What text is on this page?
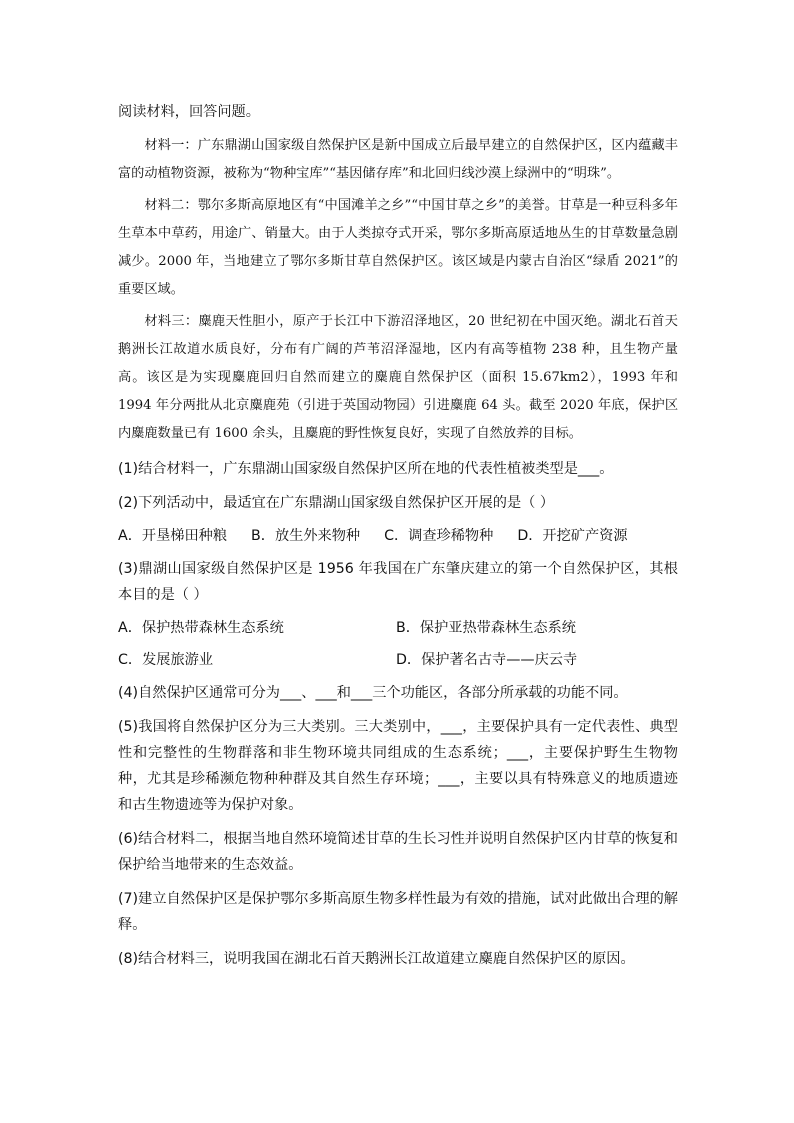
阅读材料，回答问题。

材料一：广东鼎湖山国家级自然保护区是新中国成立后最早建立的自然保护区，区内蕴藏丰富的动植物资源，被称为“物种宝库”“基因储存库”和北回归线沙漠上绿洲中的“明珠”。

材料二：鄂尔多斯高原地区有“中国滩羊之乡”“中国甘草之乡”的美誉。甘草是一种豆科多年生草本中草药，用途广、销量大。由于人类掠夺式开采，鄂尔多斯高原适地丛生的甘草数量急剧减少。2000 年，当地建立了鄂尔多斯甘草自然保护区。该区域是内蒙古自治区“绿盾 2021”的重要区域。

材料三：麋鹿天性胆小，原产于长江中下游沼泽地区，20 世纪初在中国灭绝。湖北石首天鹅洲长江故道水质良好，分布有广阔的芦苇沼泽湿地，区内有高等植物 238 种，且生物产量高。该区是为实现麋鹿回归自然而建立的麋鹿自然保护区（面积 15.67km2），1993 年和 1994 年分两批从北京麋鹿苑（引进于英国动物园）引进麋鹿 64 头。截至 2020 年底，保护区内麋鹿数量已有 1600 余头，且麋鹿的野性恢复良好，实现了自然放养的目标。

(1)结合材料一，广东鼎湖山国家级自然保护区所在地的代表性植被类型是___。

(2)下列活动中，最适宜在广东鼎湖山国家级自然保护区开展的是（ ）

A．开垦梯田种粮 B．放生外来物种 C．调查珍稀物种 D．开挖矿产资源

(3)鼎湖山国家级自然保护区是 1956 年我国在广东肇庆建立的第一个自然保护区，其根本目的是（ ）

A．保护热带森林生态系统	B．保护亚热带森林生态系统
C．发展旅游业	D．保护著名古寺——庆云寺

(4)自然保护区通常可分为___、___和___三个功能区，各部分所承载的功能不同。

(5)我国将自然保护区分为三大类别。三大类别中，___，主要保护具有一定代表性、典型性和完整性的生物群落和非生物环境共同组成的生态系统；___，主要保护野生生物物种，尤其是珍稀濒危物种种群及其自然生存环境；___，主要以具有特殊意义的地质遗迹和古生物遗迹等为保护对象。

(6)结合材料二，根据当地自然环境简述甘草的生长习性并说明自然保护区内甘草的恢复和保护给当地带来的生态效益。

(7)建立自然保护区是保护鄂尔多斯高原生物多样性最为有效的措施，试对此做出合理的解释。

(8)结合材料三，说明我国在湖北石首天鹅洲长江故道建立麋鹿自然保护区的原因。
